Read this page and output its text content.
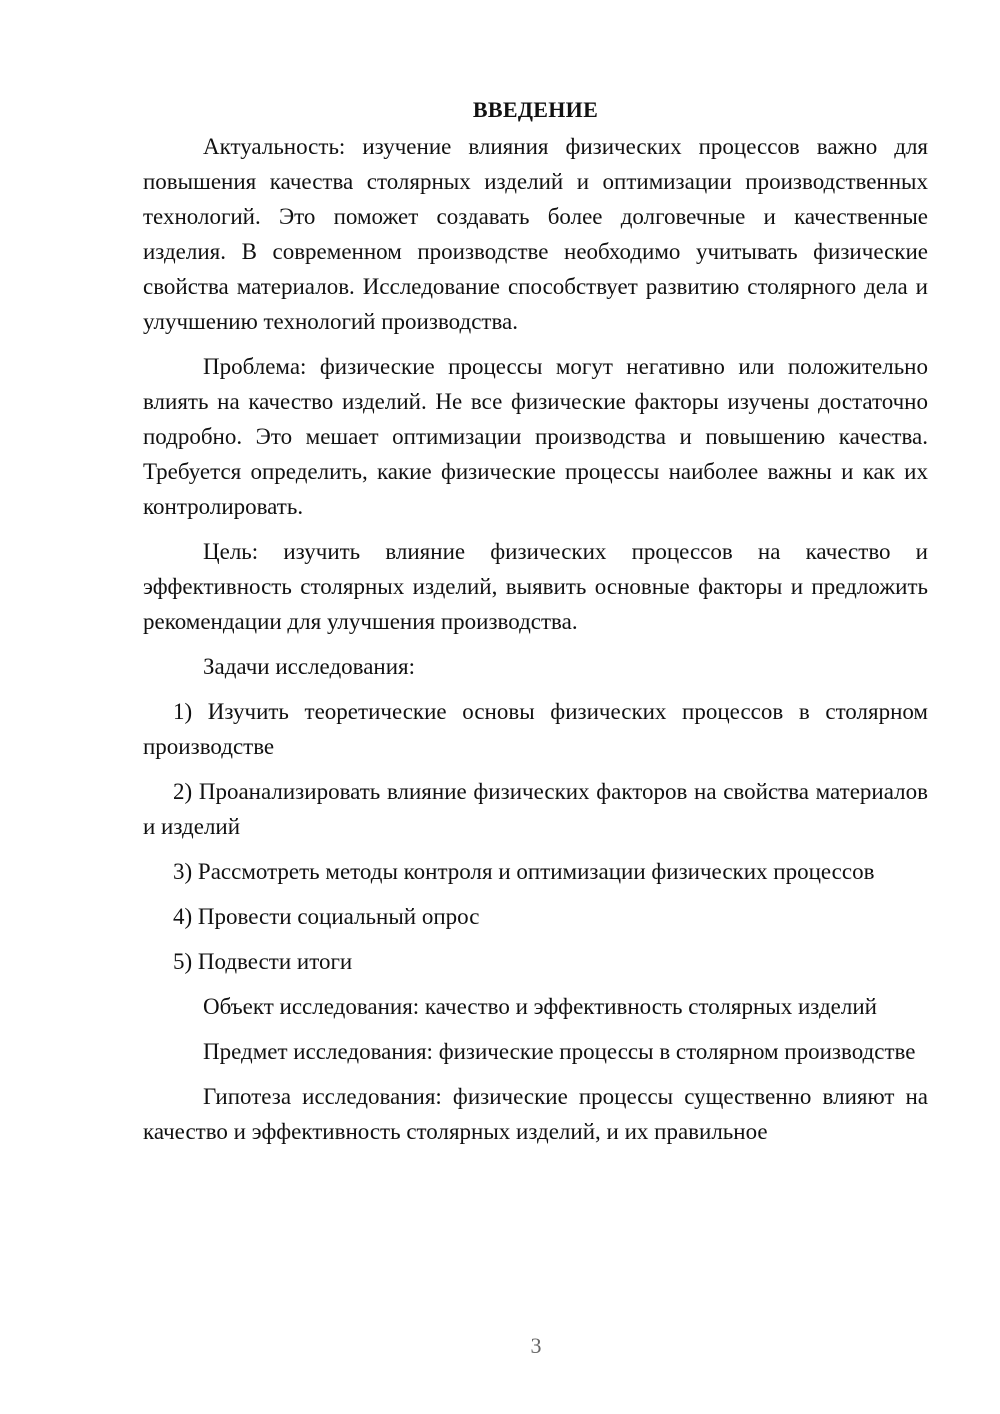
ВВЕДЕНИЕ

Актуальность: изучение влияния физических процессов важно для повышения качества столярных изделий и оптимизации производственных технологий. Это поможет создавать более долговечные и качественные изделия. В современном производстве необходимо учитывать физические свойства материалов. Исследование способствует развитию столярного дела и улучшению технологий производства.

Проблема: физические процессы могут негативно или положительно влиять на качество изделий. Не все физические факторы изучены достаточно подробно. Это мешает оптимизации производства и повышению качества. Требуется определить, какие физические процессы наиболее важны и как их контролировать.

Цель: изучить влияние физических процессов на качество и эффективность столярных изделий, выявить основные факторы и предложить рекомендации для улучшения производства.

Задачи исследования:

1) Изучить теоретические основы физических процессов в столярном производстве

2) Проанализировать влияние физических факторов на свойства материалов и изделий

3) Рассмотреть методы контроля и оптимизации физических процессов

4) Провести социальный опрос

5) Подвести итоги

Объект исследования: качество и эффективность столярных изделий

Предмет исследования: физические процессы в столярном производстве

Гипотеза исследования: физические процессы существенно влияют на качество и эффективность столярных изделий, и их правильное

3
